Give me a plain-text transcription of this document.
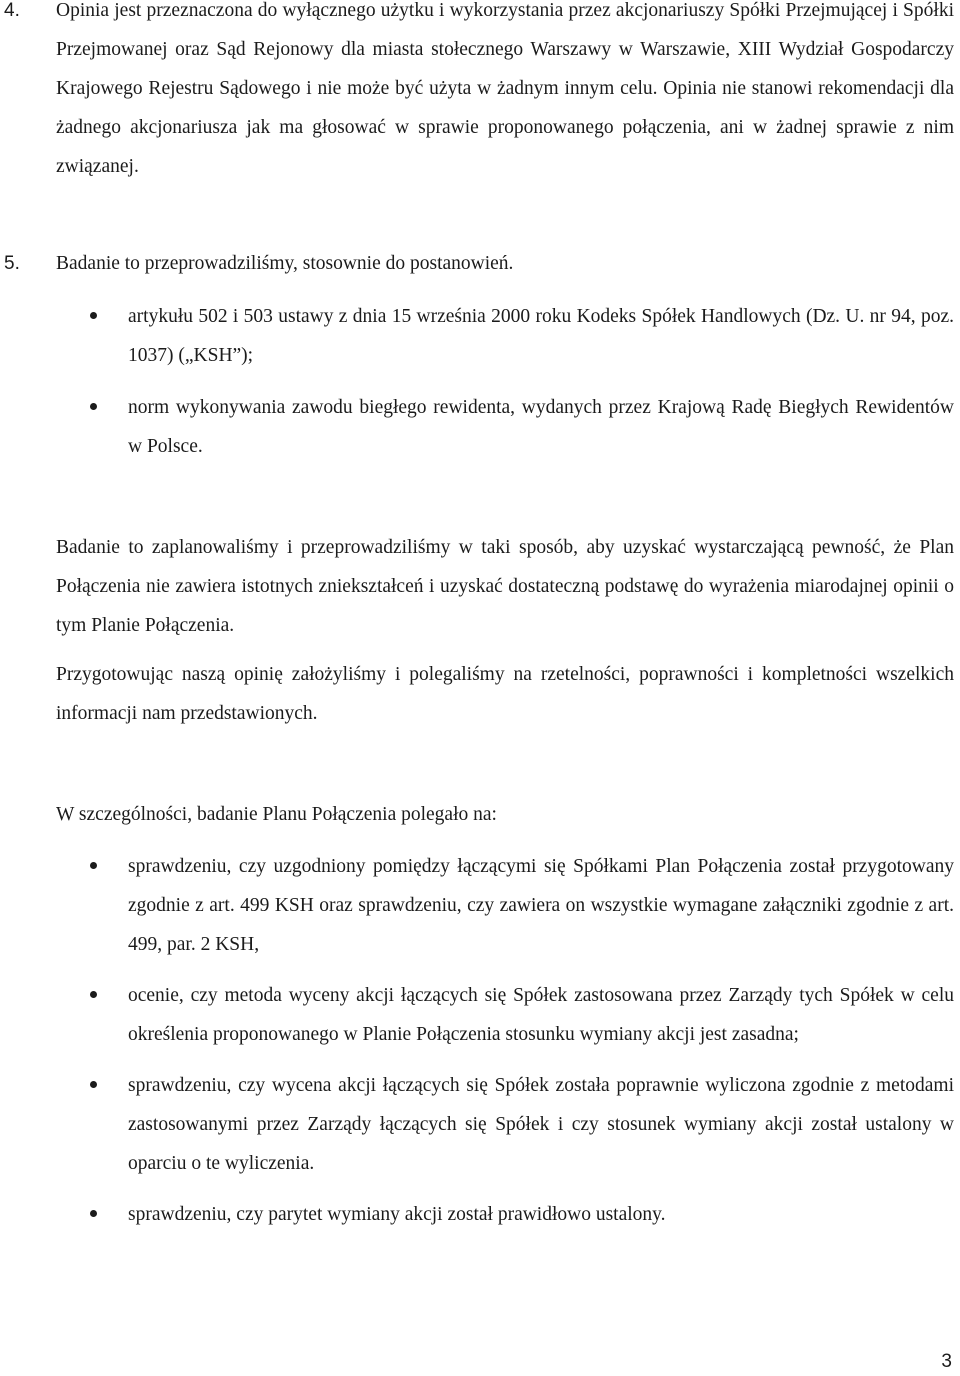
4. Opinia jest przeznaczona do wyłącznego użytku i wykorzystania przez akcjonariuszy Spółki Przejmującej i Spółki Przejmowanej oraz Sąd Rejonowy dla miasta stołecznego Warszawy w Warszawie, XIII Wydział Gospodarczy Krajowego Rejestru Sądowego i nie może być użyta w żadnym innym celu. Opinia nie stanowi rekomendacji dla żadnego akcjonariusza jak ma głosować w sprawie proponowanego połączenia, ani w żadnej sprawie z nim związanej.
5. Badanie to przeprowadziliśmy, stosownie do postanowień.
artykułu 502 i 503 ustawy z dnia 15 września 2000 roku Kodeks Spółek Handlowych (Dz. U. nr 94, poz. 1037) („KSH”);
norm wykonywania zawodu biegłego rewidenta, wydanych przez Krajową Radę Biegłych Rewidentów w Polsce.
Badanie to zaplanowaliśmy i przeprowadziliśmy w taki sposób, aby uzyskać wystarczającą pewność, że Plan Połączenia nie zawiera istotnych zniekształceń i uzyskać dostateczną podstawę do wyrażenia miarodajnej opinii o tym Planie Połączenia.
Przygotowując naszą opinię założyliśmy i polegaliśmy na rzetelności, poprawności i kompletności wszelkich informacji nam przedstawionych.
W szczególności, badanie Planu Połączenia polegało na:
sprawdzeniu, czy uzgodniony pomiędzy łączącymi się Spółkami Plan Połączenia został przygotowany zgodnie z art. 499 KSH oraz sprawdzeniu, czy zawiera on wszystkie wymagane załączniki zgodnie z art. 499, par. 2 KSH,
ocenie, czy metoda wyceny akcji łączących się Spółek zastosowana przez Zarządy tych Spółek w celu określenia proponowanego w Planie Połączenia stosunku wymiany akcji jest zasadna;
sprawdzeniu, czy wycena akcji łączących się Spółek została poprawnie wyliczona zgodnie z metodami zastosowanymi przez Zarządy łączących się Spółek i czy stosunek wymiany akcji został ustalony w oparciu o te wyliczenia.
sprawdzeniu, czy parytet wymiany akcji został prawidłowo ustalony.
3
